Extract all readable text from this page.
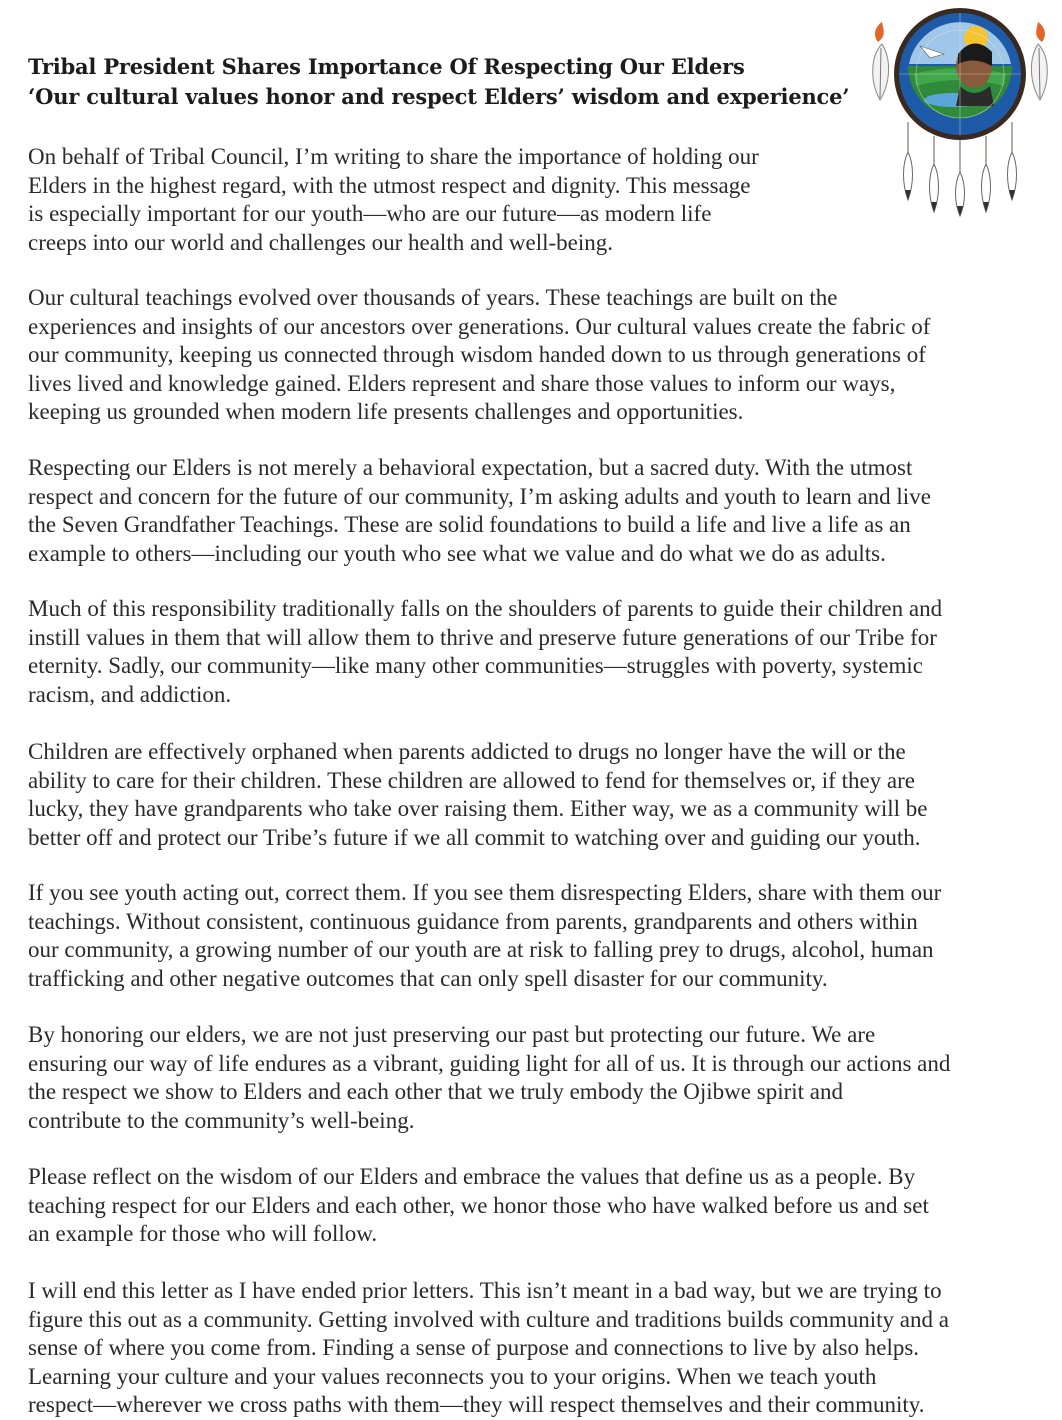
Tribal President Shares Importance Of Respecting Our Elders
‘Our cultural values honor and respect Elders’ wisdom and experience’

On behalf of Tribal Council, I’m writing to share the importance of holding our
Elders in the highest regard, with the utmost respect and dignity. This message
is especially important for our youth—who are our future—as modern life
creeps into our world and challenges our health and well-being.

Our cultural teachings evolved over thousands of years. These teachings are built on the
experiences and insights of our ancestors over generations. Our cultural values create the fabric of
our community, keeping us connected through wisdom handed down to us through generations of
lives lived and knowledge gained. Elders represent and share those values to inform our ways,
keeping us grounded when modern life presents challenges and opportunities.

Respecting our Elders is not merely a behavioral expectation, but a sacred duty. With the utmost
respect and concern for the future of our community, I’m asking adults and youth to learn and live
the Seven Grandfather Teachings. These are solid foundations to build a life and live a life as an
example to others—including our youth who see what we value and do what we do as adults.

Much of this responsibility traditionally falls on the shoulders of parents to guide their children and
instill values in them that will allow them to thrive and preserve future generations of our Tribe for
eternity. Sadly, our community—like many other communities—struggles with poverty, systemic
racism, and addiction.

Children are effectively orphaned when parents addicted to drugs no longer have the will or the
ability to care for their children. These children are allowed to fend for themselves or, if they are
lucky, they have grandparents who take over raising them. Either way, we as a community will be
better off and protect our Tribe’s future if we all commit to watching over and guiding our youth.

If you see youth acting out, correct them. If you see them disrespecting Elders, share with them our
teachings. Without consistent, continuous guidance from parents, grandparents and others within
our community, a growing number of our youth are at risk to falling prey to drugs, alcohol, human
trafficking and other negative outcomes that can only spell disaster for our community.

By honoring our elders, we are not just preserving our past but protecting our future. We are
ensuring our way of life endures as a vibrant, guiding light for all of us. It is through our actions and
the respect we show to Elders and each other that we truly embody the Ojibwe spirit and
contribute to the community’s well-being.

Please reflect on the wisdom of our Elders and embrace the values that define us as a people. By
teaching respect for our Elders and each other, we honor those who have walked before us and set
an example for those who will follow.

I will end this letter as I have ended prior letters. This isn’t meant in a bad way, but we are trying to
figure this out as a community. Getting involved with culture and traditions builds community and a
sense of where you come from. Finding a sense of purpose and connections to live by also helps.
Learning your culture and your values reconnects you to your origins. When we teach youth
respect—wherever we cross paths with them—they will respect themselves and their community.
